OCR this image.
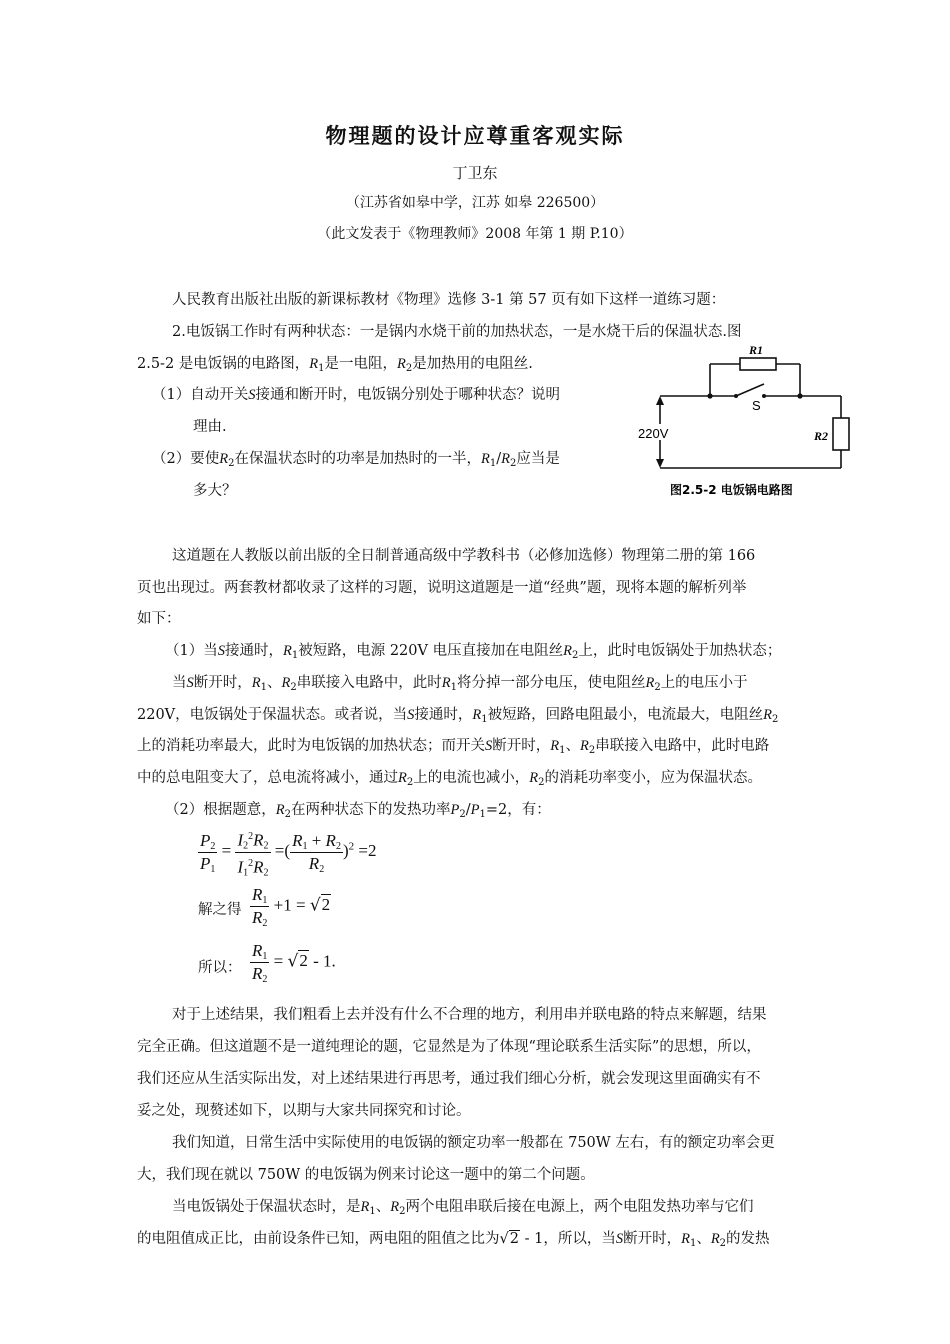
物理题的设计应尊重客观实际
丁卫东
（江苏省如皋中学，江苏 如皋 226500）
（此文发表于《物理教师》2008 年第 1 期 P.10）
人民教育出版社出版的新课标教材《物理》选修 3-1 第 57 页有如下这样一道练习题：
2.电饭锅工作时有两种状态：一是锅内水烧干前的加热状态，一是水烧干后的保温状态.图
2.5-2 是电饭锅的电路图，$R_1$是一电阻，$R_2$是加热用的电阻丝.
（1）自动开关S接通和断开时，电饭锅分别处于哪种状态？说明
理由.
（2）要使$R_2$在保温状态时的功率是加热时的一半，$R_1/R_2$应当是
多大？
R1
S
220V	R2
图2.5-2 电饭锅电路图
这道题在人教版以前出版的全日制普通高级中学教科书（必修加选修）物理第二册的第 166
页也出现过。两套教材都收录了这样的习题，说明这道题是一道“经典”题，现将本题的解析列举
如下：
（1）当S接通时，$R_1$被短路，电源 220V 电压直接加在电阻丝$R_2$上，此时电饭锅处于加热状态；
当S断开时，$R_1$、$R_2$串联接入电路中，此时$R_1$将分掉一部分电压，使电阻丝$R_2$上的电压小于
220V，电饭锅处于保温状态。或者说，当S接通时，$R_1$被短路，回路电阻最小，电流最大，电阻丝$R_2$
上的消耗功率最大，此时为电饭锅的加热状态；而开关S断开时，$R_1$、$R_2$串联接入电路中，此时电路
中的总电阻变大了，总电流将减小，通过$R_2$上的电流也减小，$R_2$的消耗功率变小，应为保温状态。
（2）根据题意，$R_2$在两种状态下的发热功率$P_2/P_1=2$，有：
$\frac{P_2}{P_1} = \frac{I_2^2R_2}{I_1^2R_2}$ =( $\frac{R_1 + R_2}{R_2} )^2 =2$
解之得 $\frac{R_1}{R_2} +1 = √2$
所以： $\frac{R_1}{R_2} = √2 - 1$.
对于上述结果，我们粗看上去并没有什么不合理的地方，利用串并联电路的特点来解题，结果
完全正确。但这道题不是一道纯理论的题，它显然是为了体现“理论联系生活实际”的思想，所以，
我们还应从生活实际出发，对上述结果进行再思考，通过我们细心分析，就会发现这里面确实有不
妥之处，现赘述如下，以期与大家共同探究和讨论。
我们知道，日常生活中实际使用的电饭锅的额定功率一般都在 750W 左右，有的额定功率会更
大，我们现在就以 750W 的电饭锅为例来讨论这一题中的第二个问题。
当电饭锅处于保温状态时，是$R_1$、$R_2$两个电阻串联后接在电源上，两个电阻发热功率与它们
的电阻值成正比，由前设条件已知，两电阻的阻值之比为√2 - 1，所以，当S断开时，$R_1$、$R_2$的发热
